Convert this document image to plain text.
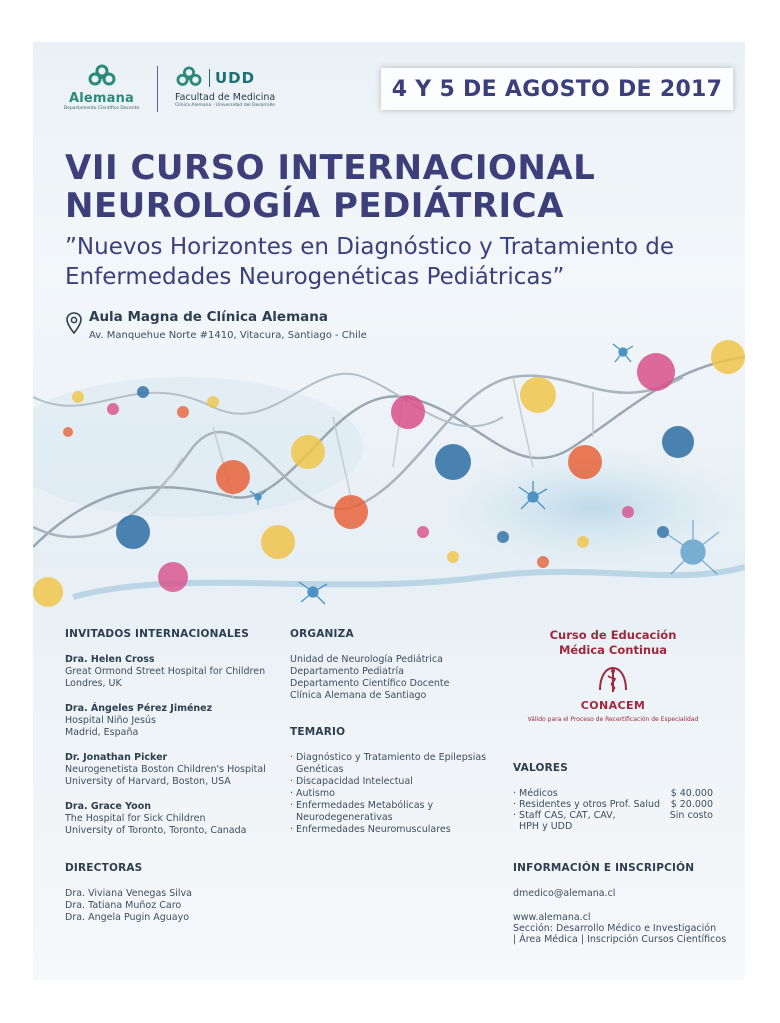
Alemana
Departamento Científico Docente
UDD
Facultad de Medicina
Clínica Alemana · Universidad del Desarrollo
4 Y 5 DE AGOSTO DE 2017
VII CURSO INTERNACIONAL
NEUROLOGÍA PEDIÁTRICA
”Nuevos Horizontes en Diagnóstico y Tratamiento de
Enfermedades Neurogenéticas Pediátricas”
Aula Magna de Clínica Alemana
Av. Manquehue Norte #1410, Vitacura, Santiago - Chile
INVITADOS INTERNACIONALES
Dra. Helen Cross
Great Ormond Street Hospital for Children
Londres, UK
Dra. Ángeles Pérez Jiménez
Hospital Niño Jesús
Madrid, España
Dr. Jonathan Picker
Neurogenetista Boston Children's Hospital
University of Harvard, Boston, USA
Dra. Grace Yoon
The Hospital for Sick Children
University of Toronto, Toronto, Canada
DIRECTORAS
Dra. Viviana Venegas Silva
Dra. Tatiana Muñoz Caro
Dra. Angela Pugin Aguayo
ORGANIZA
Unidad de Neurología Pediátrica
Departamento Pediatría
Departamento Científico Docente
Clínica Alemana de Santiago
TEMARIO
· Diagnóstico y Tratamiento de Epilepsias
Genéticas
· Discapacidad Intelectual
· Autismo
· Enfermedades Metabólicas y
Neurodegenerativas
· Enfermedades Neuromusculares
Curso de Educación
Médica Continua
CONACEM
Válido para el Proceso de Recertificación de Especialidad
VALORES
· Médicos	$ 40.000
· Residentes y otros Prof. Salud $ 20.000
· Staff CAS, CAT, CAV,	Sin costo
HPH y UDD
INFORMACIÓN E INSCRIPCIÓN
dmedico@alemana.cl
www.alemana.cl
Sección: Desarrollo Médico e Investigación
| Área Médica | Inscripción Cursos Científicos
